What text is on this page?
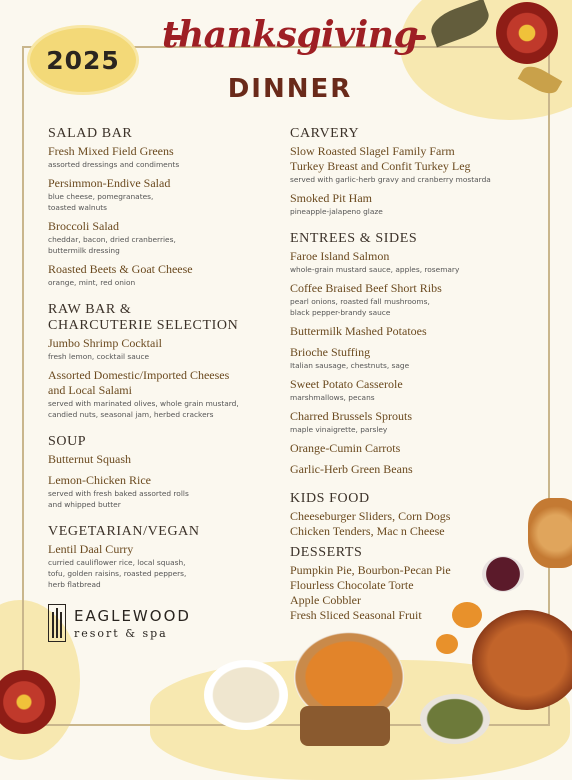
2025
thanksgiving
DINNER
SALAD BAR
Fresh Mixed Field Greens
assorted dressings and condiments
Persimmon-Endive Salad
blue cheese, pomegranates,
toasted walnuts
Broccoli Salad
cheddar, bacon, dried cranberries,
buttermilk dressing
Roasted Beets & Goat Cheese
orange, mint, red onion
RAW BAR &
CHARCUTERIE SELECTION
Jumbo Shrimp Cocktail
fresh lemon, cocktail sauce
Assorted Domestic/Imported Cheeses
and Local Salami
served with marinated olives, whole grain mustard,
candied nuts, seasonal jam, herbed crackers
SOUP
Butternut Squash
Lemon-Chicken Rice
served with fresh baked assorted rolls
and whipped butter
VEGETARIAN/VEGAN
Lentil Daal Curry
curried cauliflower rice, local squash,
tofu, golden raisins, roasted peppers,
herb flatbread
CARVERY
Slow Roasted Slagel Family Farm
Turkey Breast and Confit Turkey Leg
served with garlic-herb gravy and cranberry mostarda
Smoked Pit Ham
pineapple-jalapeno glaze
ENTREES & SIDES
Faroe Island Salmon
whole-grain mustard sauce, apples, rosemary
Coffee Braised Beef Short Ribs
pearl onions, roasted fall mushrooms,
black pepper-brandy sauce
Buttermilk Mashed Potatoes
Brioche Stuffing
Italian sausage, chestnuts, sage
Sweet Potato Casserole
marshmallows, pecans
Charred Brussels Sprouts
maple vinaigrette, parsley
Orange-Cumin Carrots
Garlic-Herb Green Beans
KIDS FOOD
Cheeseburger Sliders, Corn Dogs
Chicken Tenders, Mac n Cheese
DESSERTS
Pumpkin Pie, Bourbon-Pecan Pie
Flourless Chocolate Torte
Apple Cobbler
Fresh Sliced Seasonal Fruit
EAGLEWOOD
resort & spa
